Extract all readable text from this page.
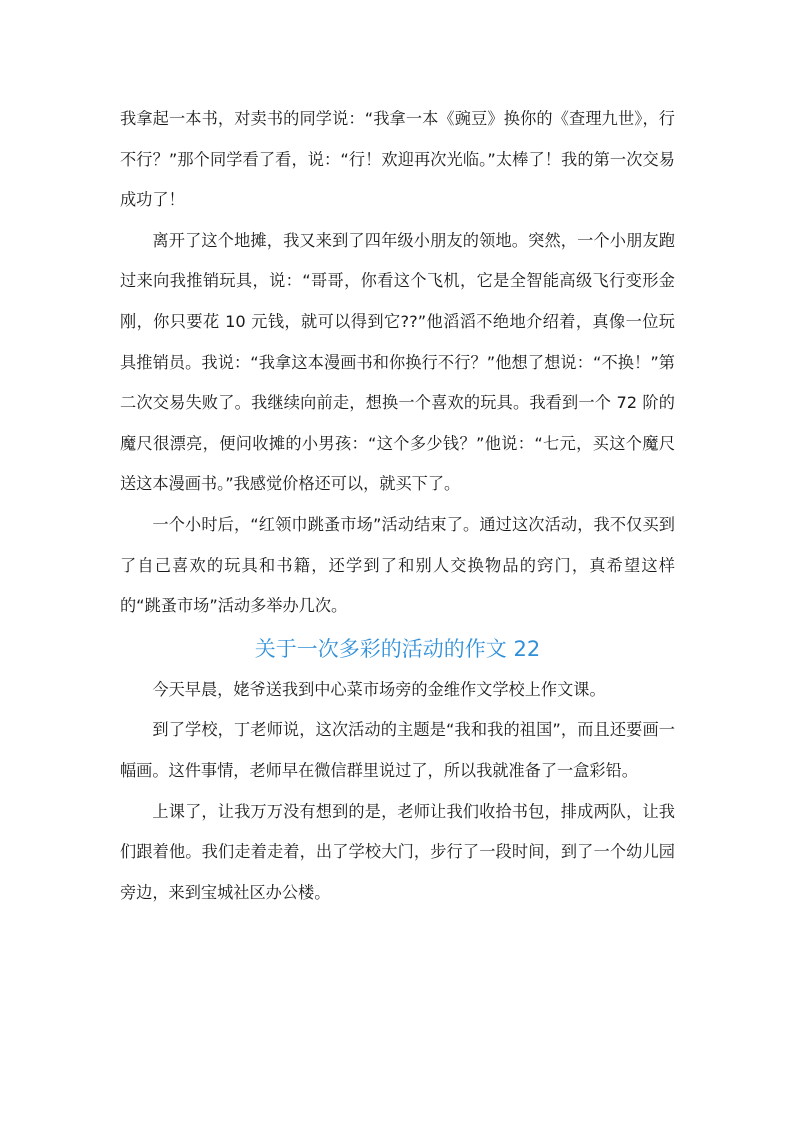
我拿起一本书，对卖书的同学说：“我拿一本《豌豆》换你的《查理九世》，行不行？”那个同学看了看，说：“行！欢迎再次光临。”太棒了！我的第一次交易成功了！

离开了这个地摊，我又来到了四年级小朋友的领地。突然，一个小朋友跑过来向我推销玩具，说：“哥哥，你看这个飞机，它是全智能高级飞行变形金刚，你只要花 10 元钱，就可以得到它??”他滔滔不绝地介绍着，真像一位玩具推销员。我说：“我拿这本漫画书和你换行不行？”他想了想说：“不换！”第二次交易失败了。我继续向前走，想换一个喜欢的玩具。我看到一个 72 阶的魔尺很漂亮，便问收摊的小男孩：“这个多少钱？”他说：“七元，买这个魔尺送这本漫画书。”我感觉价格还可以，就买下了。

一个小时后，“红领巾跳蚤市场”活动结束了。通过这次活动，我不仅买到了自己喜欢的玩具和书籍，还学到了和别人交换物品的窍门，真希望这样的“跳蚤市场”活动多举办几次。

关于一次多彩的活动的作文 22

今天早晨，姥爷送我到中心菜市场旁的金维作文学校上作文课。

到了学校，丁老师说，这次活动的主题是“我和我的祖国”，而且还要画一幅画。这件事情，老师早在微信群里说过了，所以我就准备了一盒彩铅。

上课了，让我万万没有想到的是，老师让我们收拾书包，排成两队，让我们跟着他。我们走着走着，出了学校大门，步行了一段时间，到了一个幼儿园旁边，来到宝城社区办公楼。
